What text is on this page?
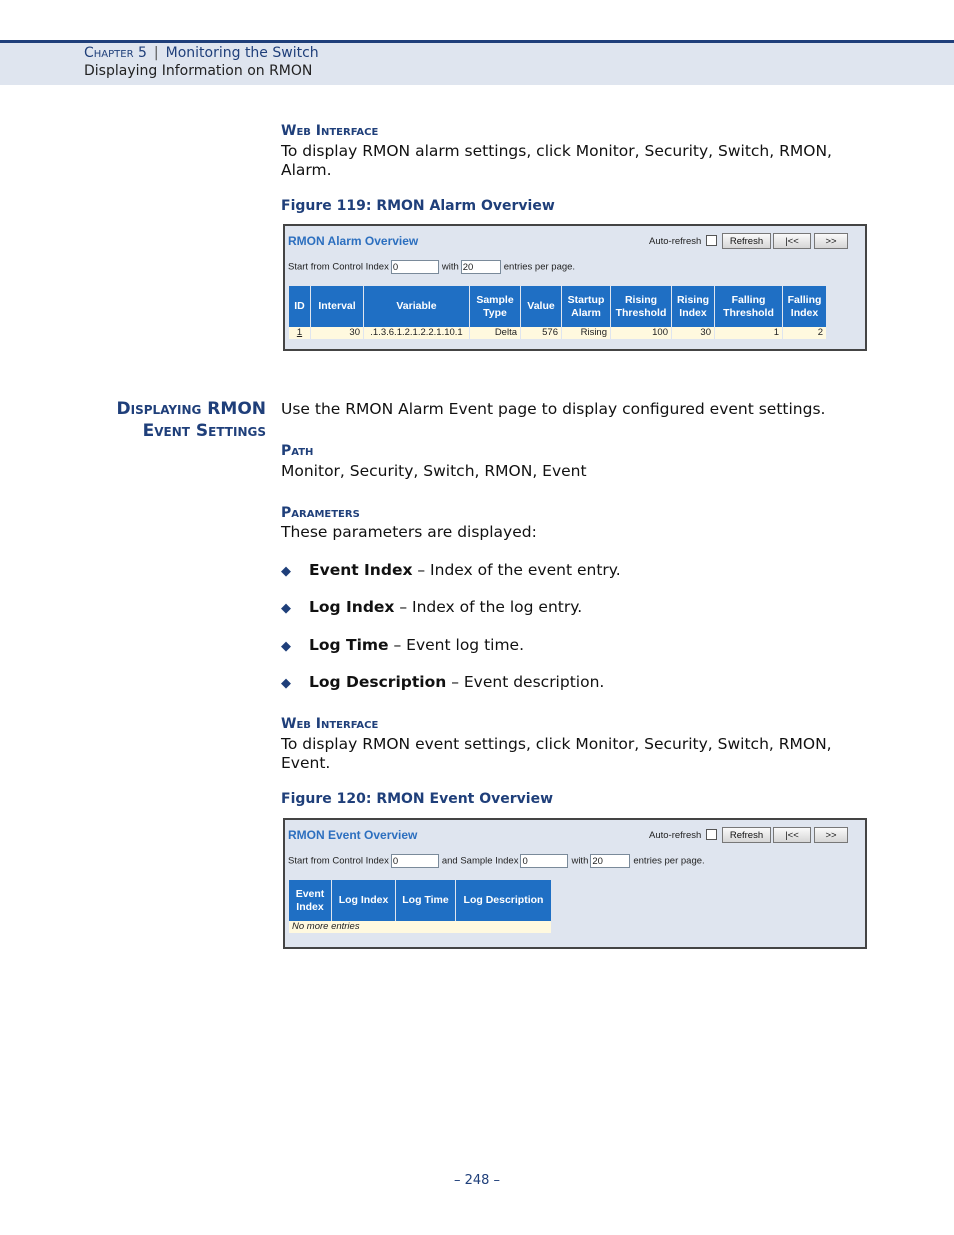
Chapter 5 | Monitoring the Switch
Displaying Information on RMON
Web Interface
To display RMON alarm settings, click Monitor, Security, Switch, RMON, Alarm.
Figure 119: RMON Alarm Overview
RMON Alarm Overview	Auto-refresh	Refresh	|<<	>>
Start from Control Index 0	with 20	entries per page.
ID	Interval	Variable	Sample Type	Value	Startup Alarm	Rising Threshold	Rising Index	Falling Threshold	Falling Index
1	30	.1.3.6.1.2.1.2.2.1.10.1	Delta	576	Rising	100	30	1	2
Displaying RMON
Event Settings
Use the RMON Alarm Event page to display configured event settings.
Path
Monitor, Security, Switch, RMON, Event
Parameters
These parameters are displayed:
◆ Event Index – Index of the event entry.
◆ Log Index – Index of the log entry.
◆ Log Time – Event log time.
◆ Log Description – Event description.
Web Interface
To display RMON event settings, click Monitor, Security, Switch, RMON, Event.
Figure 120: RMON Event Overview
RMON Event Overview	Auto-refresh	Refresh	|<<	>>
Start from Control Index 0	and Sample Index 0	with 20	entries per page.
Event Index	Log Index	Log Time	Log Description
No more entries
– 248 –
